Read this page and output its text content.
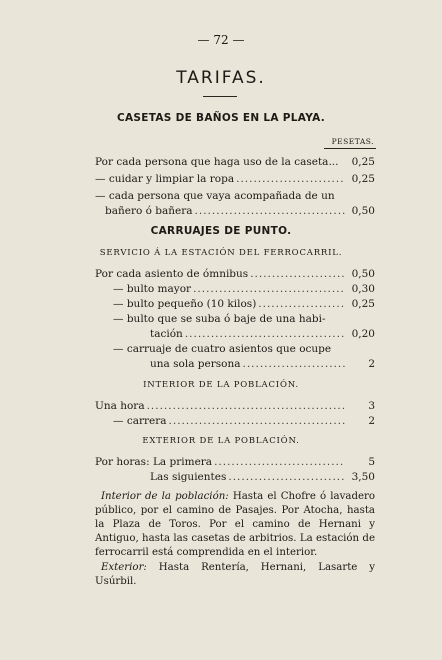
— 72 —
TARIFAS.
CASETAS DE BAÑOS EN LA PLAYA.
PESETAS.
Por cada persona que haga uso de la caseta...	0,25
— cuidar y limpiar la ropa .....	0,25
— cada persona que vaya acompañada de un
bañero ó bañera .....	0,50
CARRUAJES DE PUNTO.
SERVICIO Á LA ESTACIÓN DEL FERROCARRIL.
Por cada asiento de ómnibus .....	0,50
— bulto mayor .....	0,30
— bulto pequeño (10 kilos) .....	0,25
— bulto que se suba ó baje de una habi-
tación .....	0,20
— carruaje de cuatro asientos que ocupe
una sola persona .....	2
INTERIOR DE LA POBLACIÓN.
Una hora .....	3
— carrera .....	2
EXTERIOR DE LA POBLACIÓN.
Por horas: La primera .....	5
Las siguientes .....	3,50
Interior de la población: Hasta el Chofre ó lavadero público, por el camino de Pasajes. Por Atocha, hasta la Plaza de Toros. Por el camino de Hernani y Antiguo, hasta las casetas de arbitrios. La estación de ferrocarril está comprendida en el interior.
Exterior: Hasta Rentería, Hernani, Lasarte y Usúrbil.
